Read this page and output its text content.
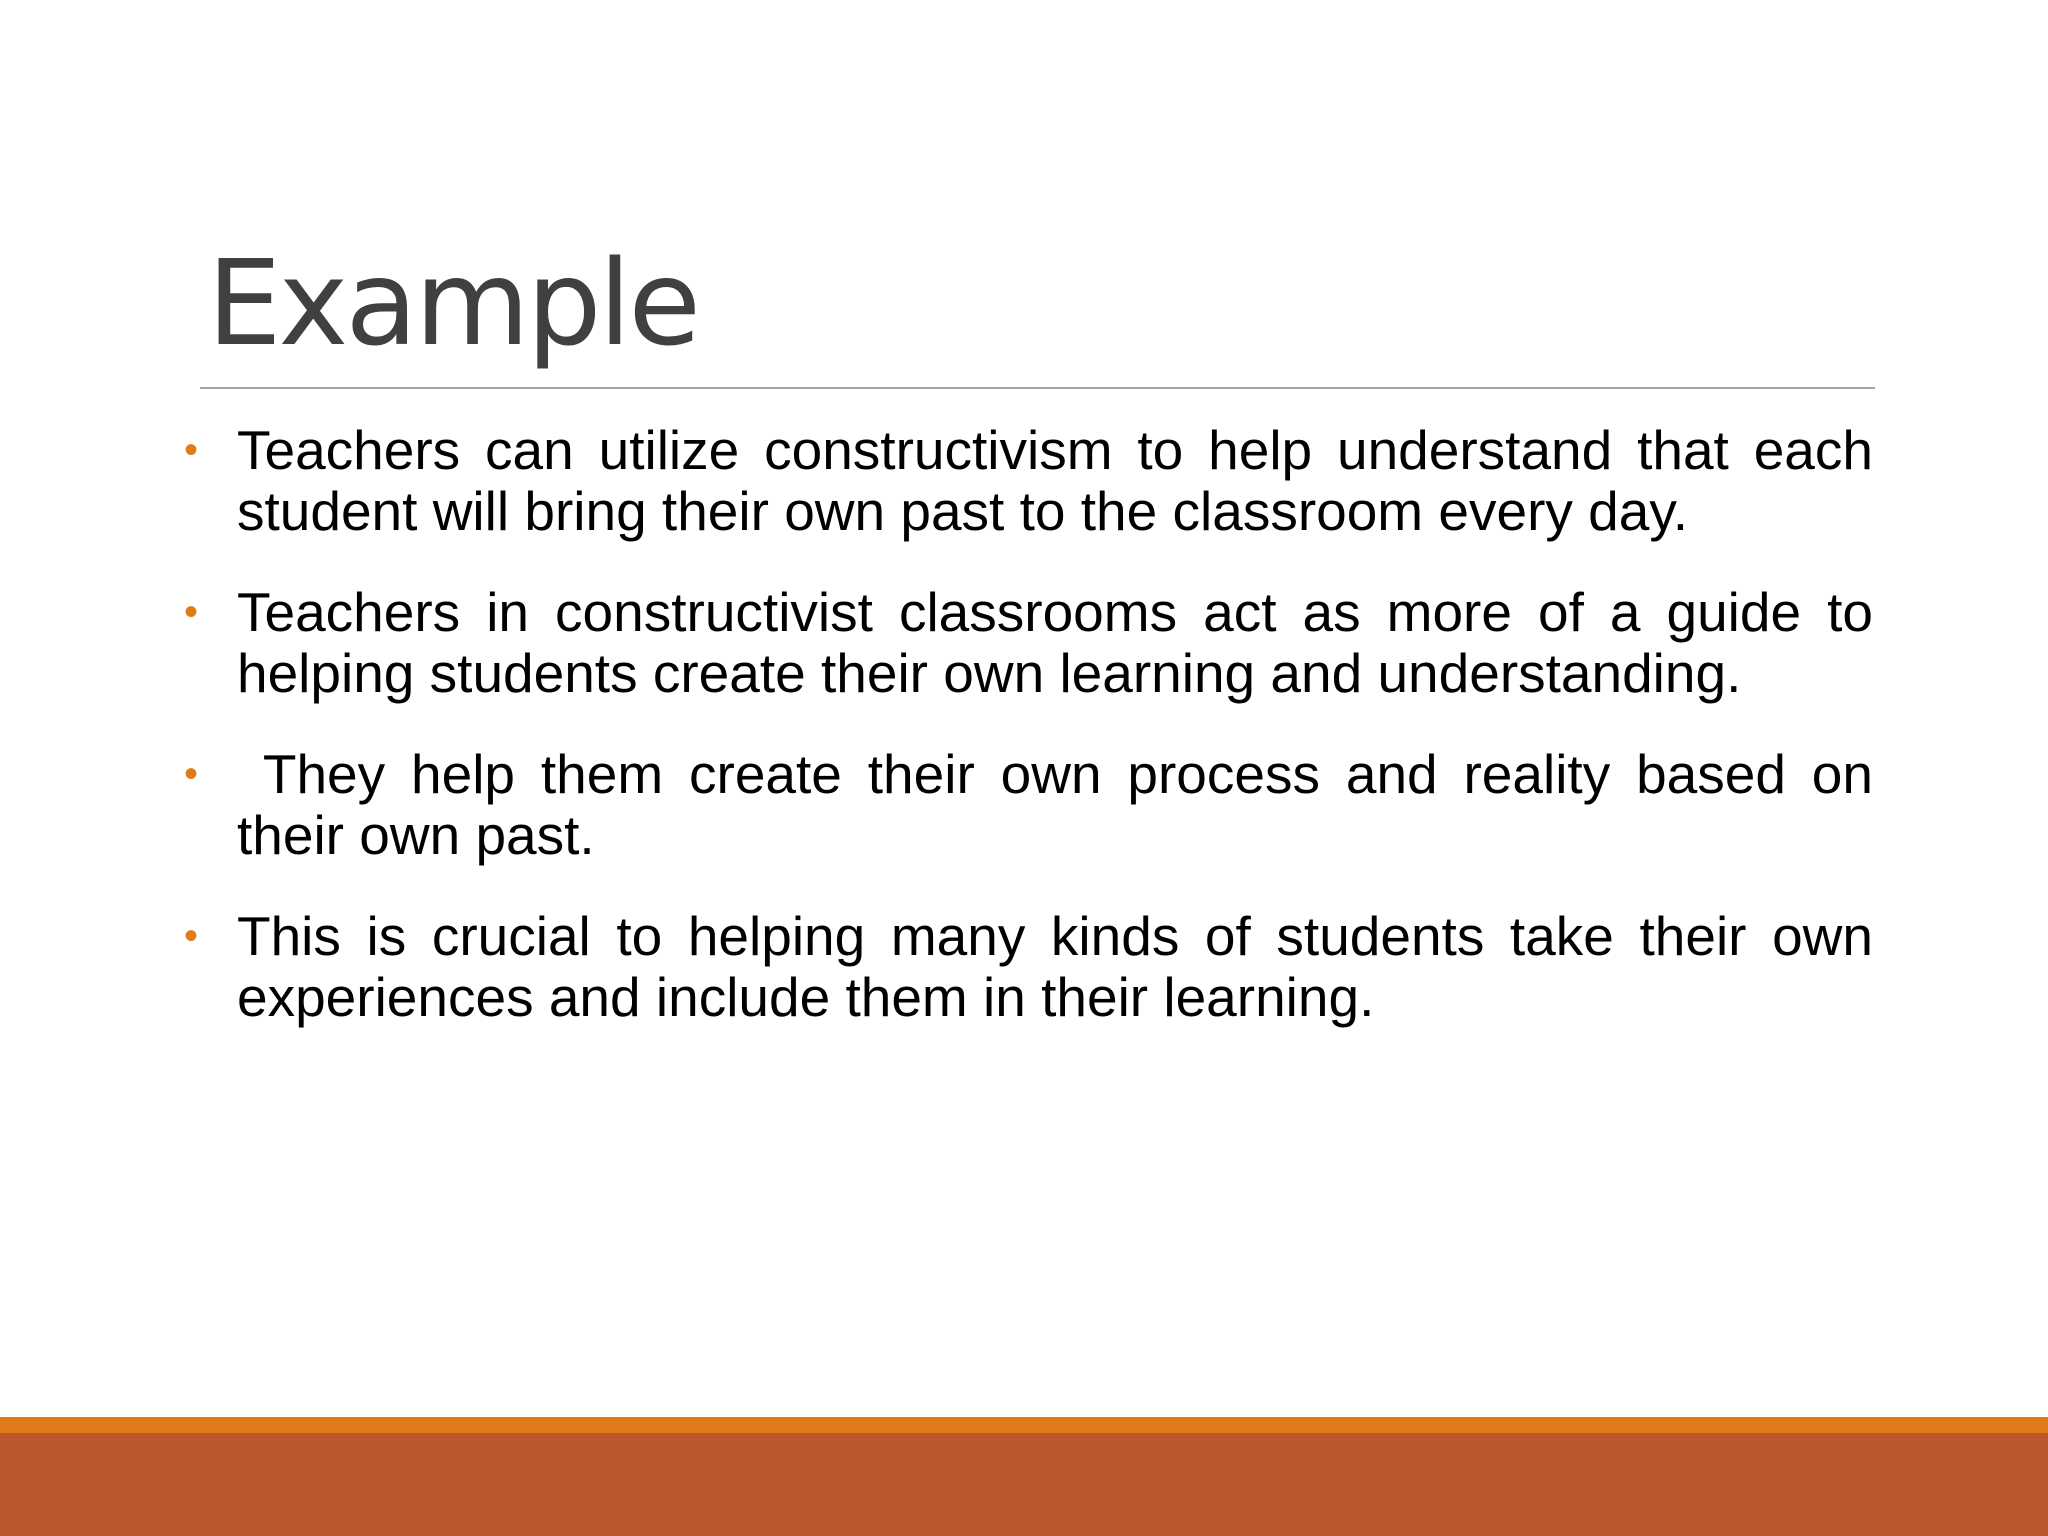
Example
• Teachers can utilize constructivism to help understand that each student will bring their own past to the classroom every day.
• Teachers in constructivist classrooms act as more of a guide to helping students create their own learning and understanding.
• They help them create their own process and reality based on their own past.
• This is crucial to helping many kinds of students take their own experiences and include them in their learning.
